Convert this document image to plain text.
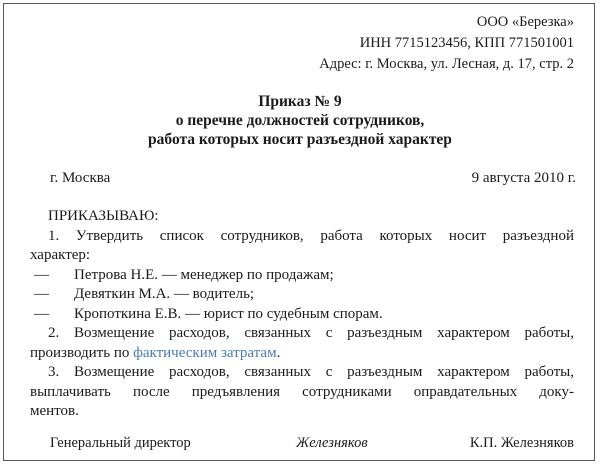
ООО «Березка»
ИНН 7715123456, КПП 771501001
Адрес: г. Москва, ул. Лесная, д. 17, стр. 2
Приказ № 9
о перечне должностей сотрудников,
работа которых носит разъездной характер
г. Москва	9 августа 2010 г.

ПРИКАЗЫВАЮ:

1. Утвердить список сотрудников, работа которых носит разъездной

характер:

— Петрова Н.Е. — менеджер по продажам;

— Девяткин М.А. — водитель;

— Кропоткина Е.В. — юрист по судебным спорам.

2. Возмещение расходов, связанных с разъездным характером работы,

производить по фактическим затратам.

3. Возмещение расходов, связанных с разъездным характером работы,

выплачивать после предъявления сотрудниками оправдательных доку-

ментов.

Генеральный директор	Железняков	К.П. Железняков
